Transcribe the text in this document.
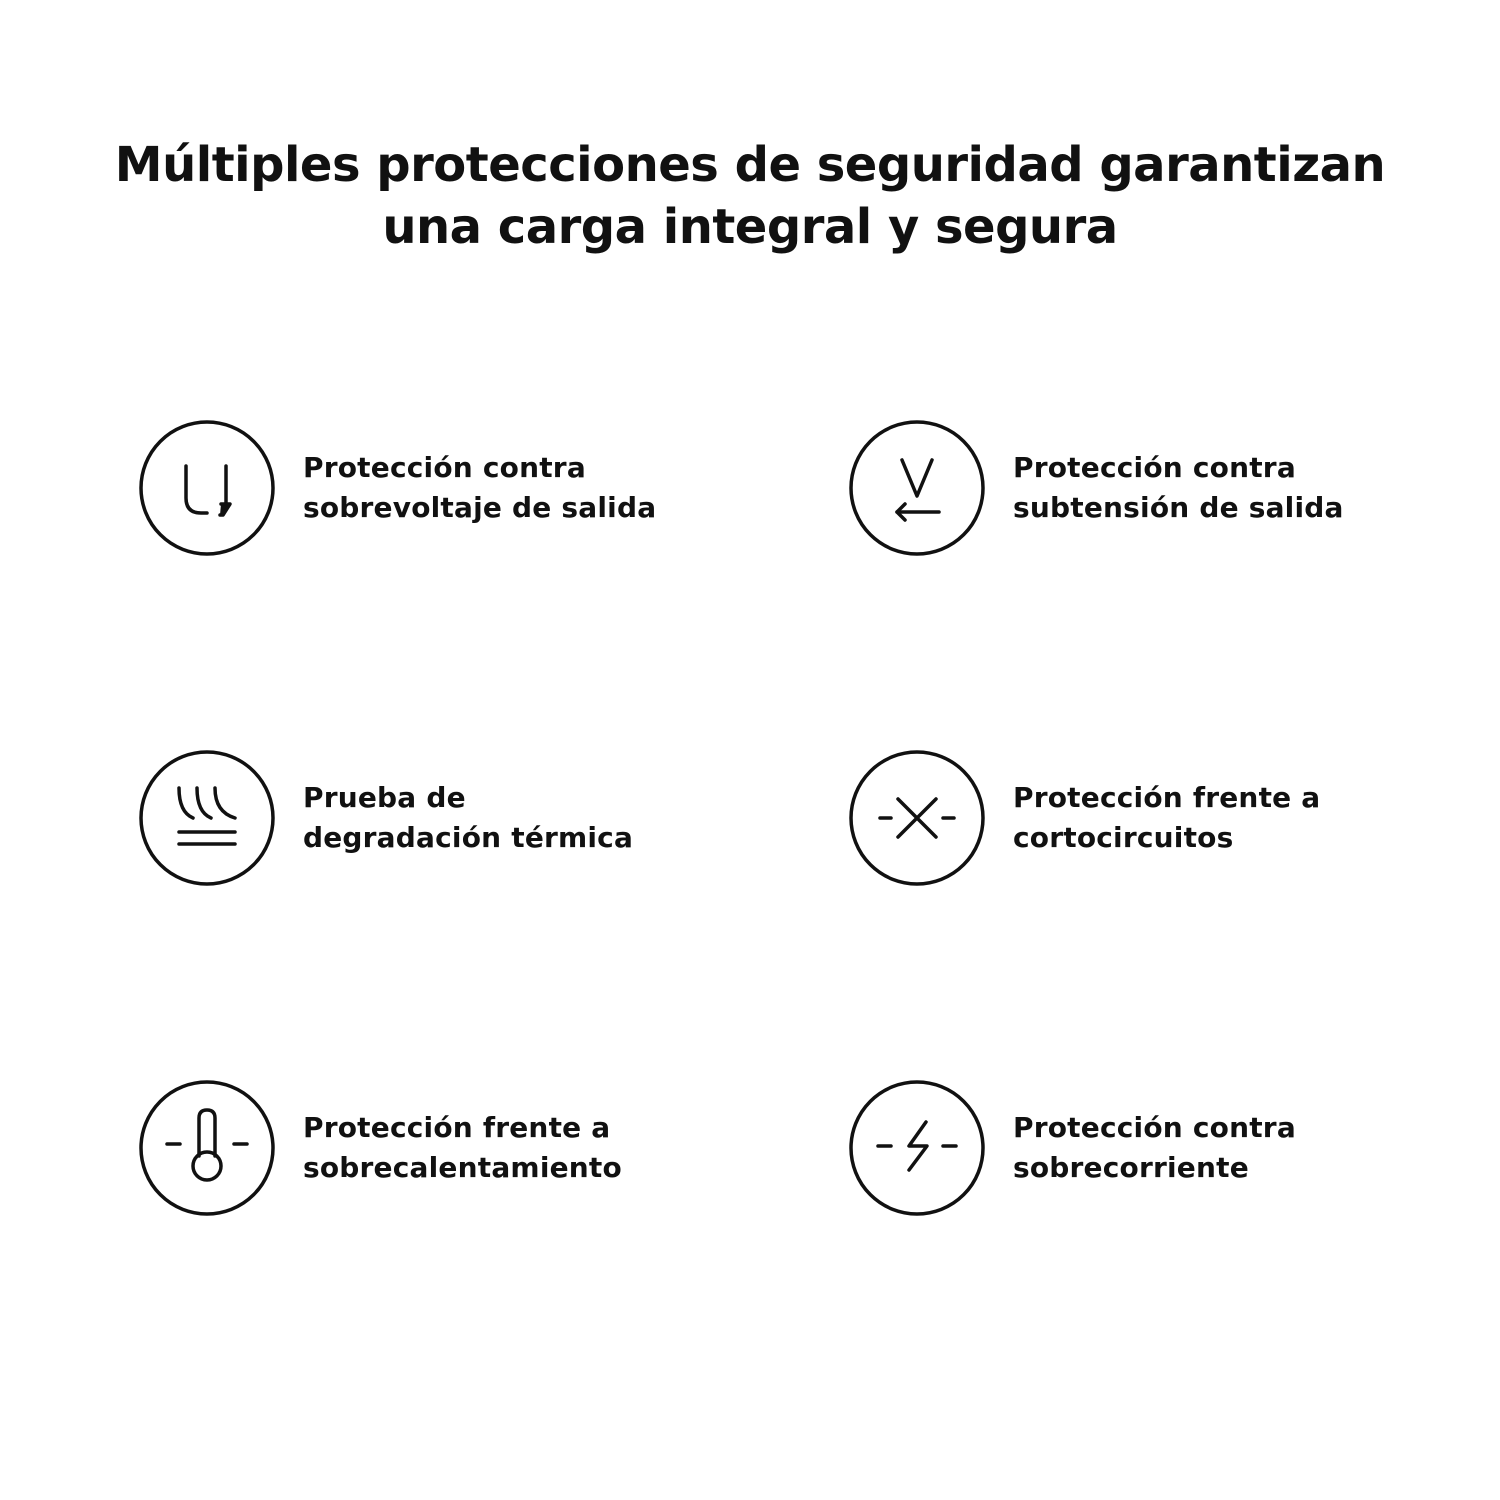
Múltiples protecciones de seguridad garantizan
una carga integral y segura
Protección contra
sobrevoltaje de salida
Protección contra
subtensión de salida
Prueba de
degradación térmica
Protección frente a
cortocircuitos
Protección frente a
sobrecalentamiento
Protección contra
sobrecorriente
